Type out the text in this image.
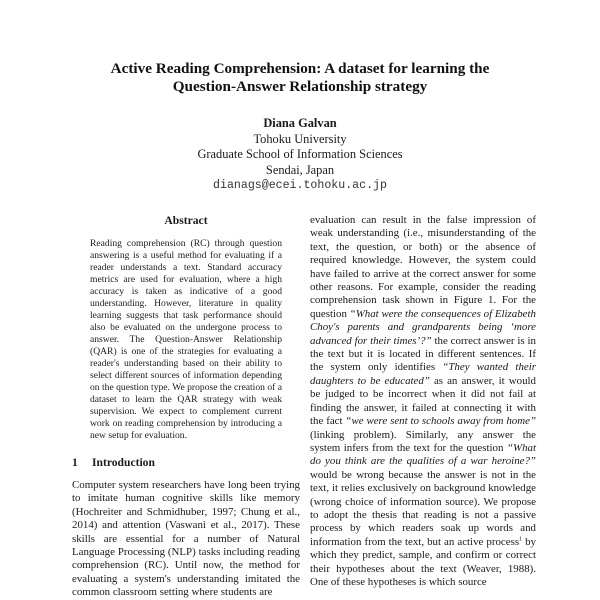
Active Reading Comprehension: A dataset for learning the
Question-Answer Relationship strategy
Diana Galvan
Tohoku University
Graduate School of Information Sciences
Sendai, Japan
dianags@ecei.tohoku.ac.jp
Abstract
Reading comprehension (RC) through question answering is a useful method for evaluating if a reader understands a text. Standard accuracy metrics are used for evaluation, where a high accuracy is taken as indicative of a good understanding. However, literature in quality learning suggests that task performance should also be evaluated on the undergone process to answer. The Question-Answer Relationship (QAR) is one of the strategies for evaluating a reader's understanding based on their ability to select different sources of information depending on the question type. We propose the creation of a dataset to learn the QAR strategy with weak supervision. We expect to complement current work on reading comprehension by introducing a new setup for evaluation.
1 Introduction
Computer system researchers have long been trying to imitate human cognitive skills like memory (Hochreiter and Schmidhuber, 1997; Chung et al., 2014) and attention (Vaswani et al., 2017). These skills are essential for a number of Natural Language Processing (NLP) tasks including reading comprehension (RC). Until now, the method for evaluating a system's understanding imitated the common classroom setting where students are
evaluation can result in the false impression of weak understanding (i.e., misunderstanding of the text, the question, or both) or the absence of required knowledge. However, the system could have failed to arrive at the correct answer for some other reasons. For example, consider the reading comprehension task shown in Figure 1. For the question “What were the consequences of Elizabeth Choy's parents and grandparents being ‘more advanced for their times’?” the correct answer is in the text but it is located in different sentences. If the system only identifies “They wanted their daughters to be educated” as an answer, it would be judged to be incorrect when it did not fail at finding the answer, it failed at connecting it with the fact “we were sent to schools away from home” (linking problem). Similarly, any answer the system infers from the text for the question “What do you think are the qualities of a war heroine?” would be wrong because the answer is not in the text, it relies exclusively on background knowledge (wrong choice of information source). We propose to adopt the thesis that reading is not a passive process by which readers soak up words and information from the text, but an active process$^1$ by which they predict, sample, and confirm or correct their hypotheses about the text (Weaver, 1988). One of these hypotheses is which source
